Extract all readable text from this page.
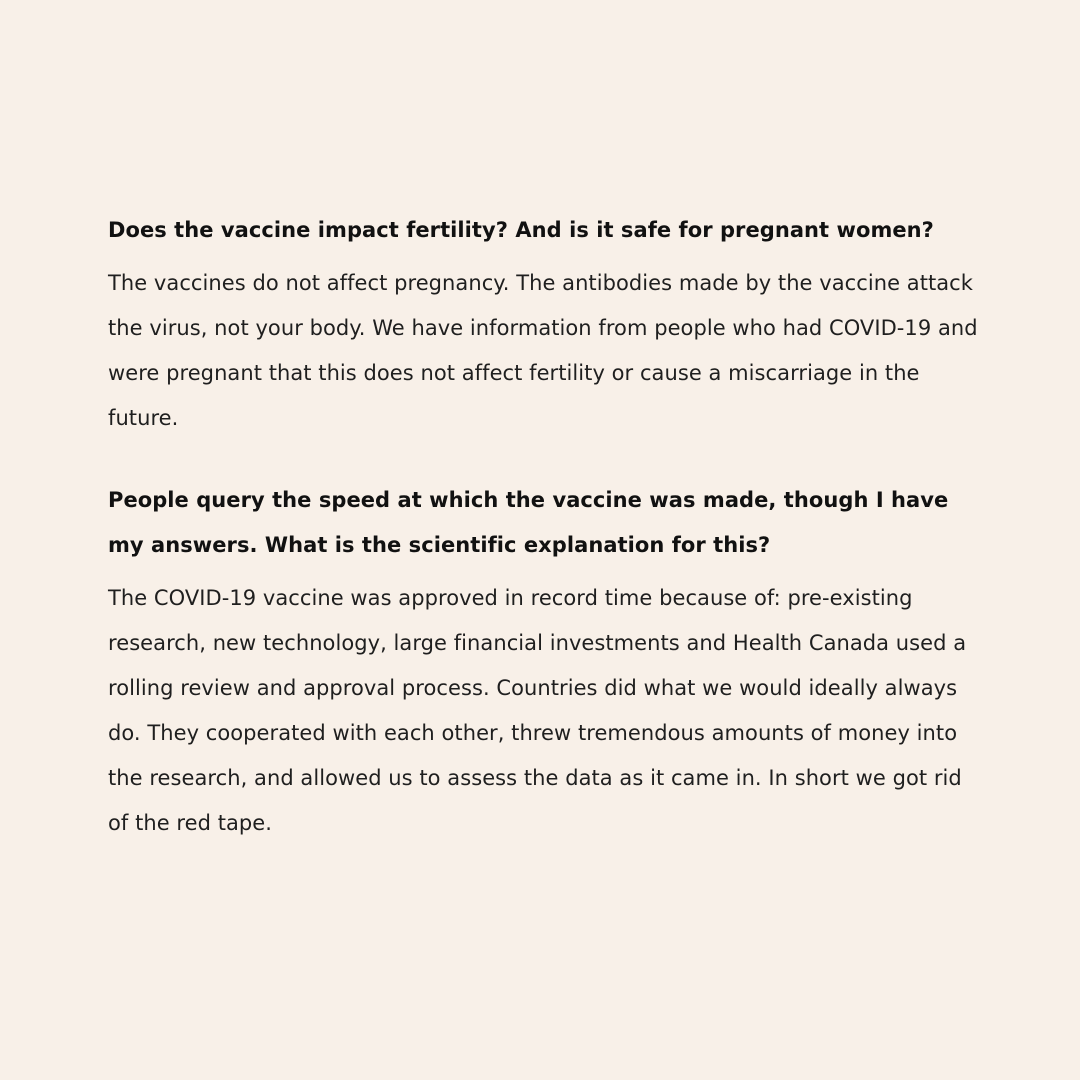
Does the vaccine impact fertility? And is it safe for pregnant women?

The vaccines do not affect pregnancy. The antibodies made by the vaccine attack the virus, not your body. We have information from people who had COVID-19 and were pregnant that this does not affect fertility or cause a miscarriage in the future.

People query the speed at which the vaccine was made, though I have my answers. What is the scientific explanation for this?

The COVID-19 vaccine was approved in record time because of: pre-existing research, new technology, large financial investments and Health Canada used a rolling review and approval process. Countries did what we would ideally always do. They cooperated with each other, threw tremendous amounts of money into the research, and allowed us to assess the data as it came in. In short we got rid of the red tape.
